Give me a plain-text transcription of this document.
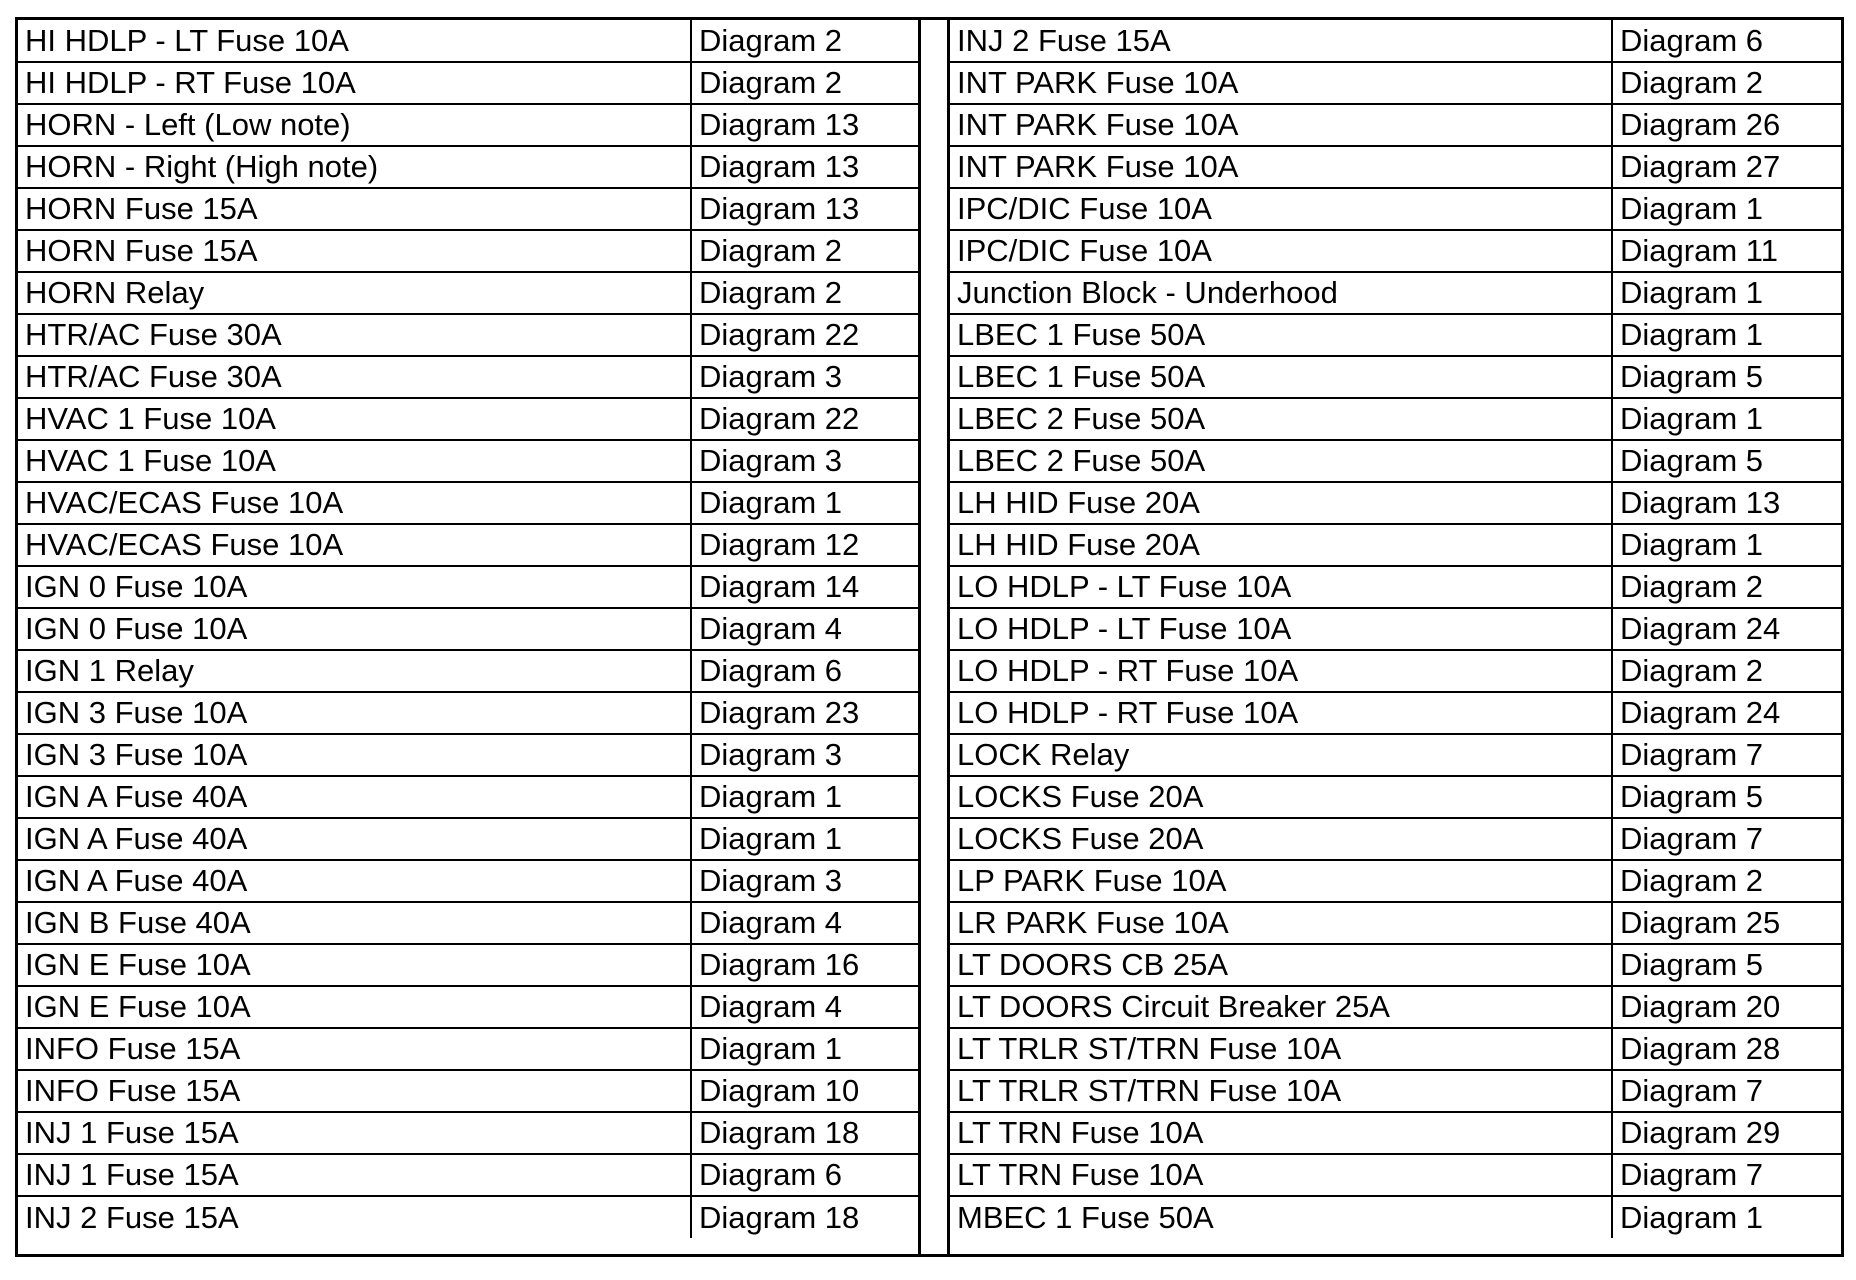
HI HDLP - LT Fuse 10A	Diagram 2
HI HDLP - RT Fuse 10A	Diagram 2
HORN - Left (Low note)	Diagram 13
HORN - Right (High note)	Diagram 13
HORN Fuse 15A	Diagram 13
HORN Fuse 15A	Diagram 2
HORN Relay	Diagram 2
HTR/AC Fuse 30A	Diagram 22
HTR/AC Fuse 30A	Diagram 3
HVAC 1 Fuse 10A	Diagram 22
HVAC 1 Fuse 10A	Diagram 3
HVAC/ECAS Fuse 10A	Diagram 1
HVAC/ECAS Fuse 10A	Diagram 12
IGN 0 Fuse 10A	Diagram 14
IGN 0 Fuse 10A	Diagram 4
IGN 1 Relay	Diagram 6
IGN 3 Fuse 10A	Diagram 23
IGN 3 Fuse 10A	Diagram 3
IGN A Fuse 40A	Diagram 1
IGN A Fuse 40A	Diagram 1
IGN A Fuse 40A	Diagram 3
IGN B Fuse 40A	Diagram 4
IGN E Fuse 10A	Diagram 16
IGN E Fuse 10A	Diagram 4
INFO Fuse 15A	Diagram 1
INFO Fuse 15A	Diagram 10
INJ 1 Fuse 15A	Diagram 18
INJ 1 Fuse 15A	Diagram 6
INJ 2 Fuse 15A	Diagram 18
INJ 2 Fuse 15A	Diagram 6
INT PARK Fuse 10A	Diagram 2
INT PARK Fuse 10A	Diagram 26
INT PARK Fuse 10A	Diagram 27
IPC/DIC Fuse 10A	Diagram 1
IPC/DIC Fuse 10A	Diagram 11
Junction Block - Underhood	Diagram 1
LBEC 1 Fuse 50A	Diagram 1
LBEC 1 Fuse 50A	Diagram 5
LBEC 2 Fuse 50A	Diagram 1
LBEC 2 Fuse 50A	Diagram 5
LH HID Fuse 20A	Diagram 13
LH HID Fuse 20A	Diagram 1
LO HDLP - LT Fuse 10A	Diagram 2
LO HDLP - LT Fuse 10A	Diagram 24
LO HDLP - RT Fuse 10A	Diagram 2
LO HDLP - RT Fuse 10A	Diagram 24
LOCK Relay	Diagram 7
LOCKS Fuse 20A	Diagram 5
LOCKS Fuse 20A	Diagram 7
LP PARK Fuse 10A	Diagram 2
LR PARK Fuse 10A	Diagram 25
LT DOORS CB 25A	Diagram 5
LT DOORS Circuit Breaker 25A	Diagram 20
LT TRLR ST/TRN Fuse 10A	Diagram 28
LT TRLR ST/TRN Fuse 10A	Diagram 7
LT TRN Fuse 10A	Diagram 29
LT TRN Fuse 10A	Diagram 7
MBEC 1 Fuse 50A	Diagram 1
